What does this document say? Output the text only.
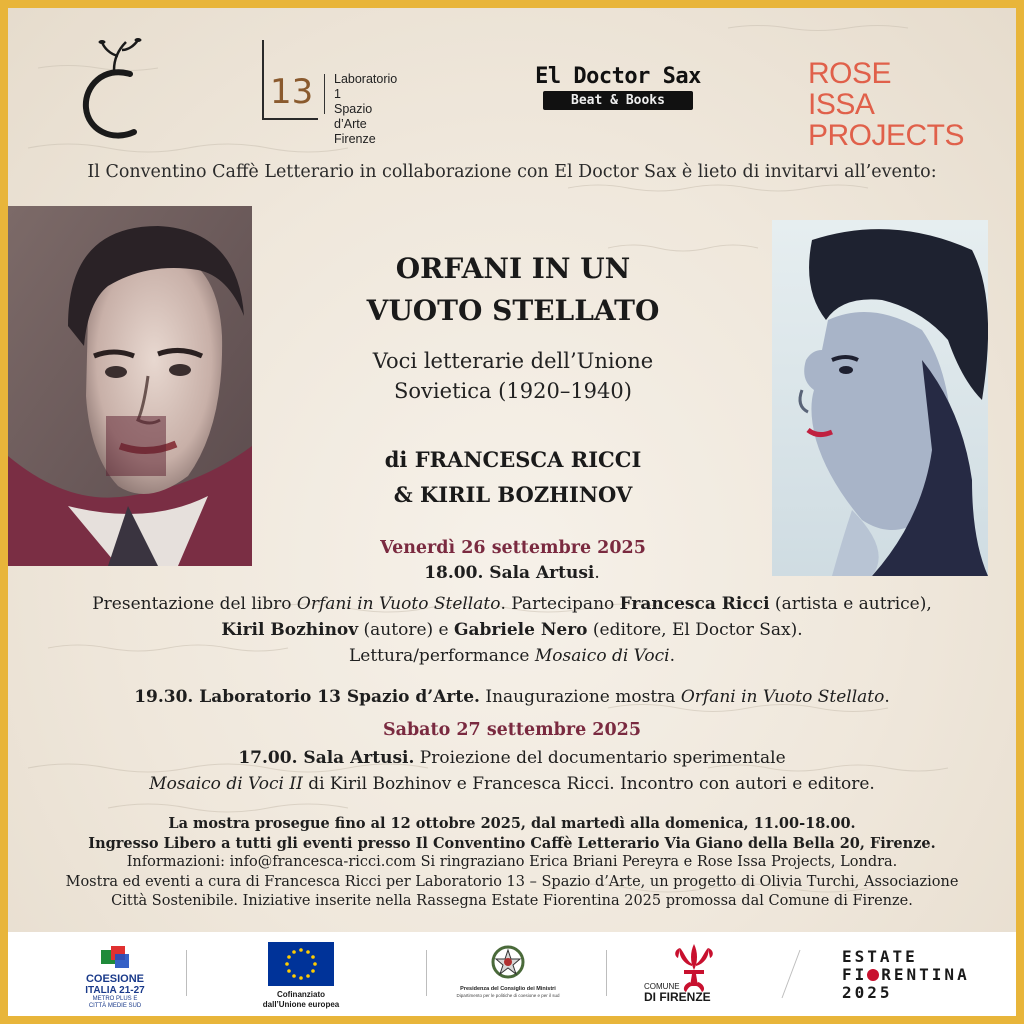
13 Laboratorio 1
Spazio d’Arte
Firenze
El Doctor Sax
Beat & Books
ROSE ISSA
PROJECTS
Il Conventino Caffè Letterario in collaborazione con El Doctor Sax è lieto di invitarvi all’evento:
ORFANI IN UN
VUOTO STELLATO
Voci letterarie dell’Unione
Sovietica (1920–1940)
di FRANCESCA RICCI
& KIRIL BOZHINOV
Venerdì 26 settembre 2025
18.00. Sala Artusi.
Presentazione del libro Orfani in Vuoto Stellato. Partecipano Francesca Ricci (artista e autrice),
Kiril Bozhinov (autore) e Gabriele Nero (editore, El Doctor Sax).
Lettura/performance Mosaico di Voci.
19.30. Laboratorio 13 Spazio d’Arte. Inaugurazione mostra Orfani in Vuoto Stellato.
Sabato 27 settembre 2025
17.00. Sala Artusi. Proiezione del documentario sperimentale
Mosaico di Voci II di Kiril Bozhinov e Francesca Ricci. Incontro con autori e editore.
La mostra prosegue fino al 12 ottobre 2025, dal martedì alla domenica, 11.00-18.00.
Ingresso Libero a tutti gli eventi presso Il Conventino Caffè Letterario Via Giano della Bella 20, Firenze.
Informazioni: info@francesca-ricci.com Si ringraziano Erica Briani Pereyra e Rose Issa Projects, Londra.
Mostra ed eventi a cura di Francesca Ricci per Laboratorio 13 – Spazio d’Arte, un progetto di Olivia Turchi, Associazione
Città Sostenibile. Iniziative inserite nella Rassegna Estate Fiorentina 2025 promossa dal Comune di Firenze.
COESIONE
ITALIA 21-27
METRO PLUS E
CITTÀ MEDIE SUD
Cofinanziato
dall’Unione europea
Presidenza del Consiglio dei Ministri
Dipartimento per le politiche di coesione e per il sud
COMUNE
DI FIRENZE
ESTATE
FI RENTINA
2025
